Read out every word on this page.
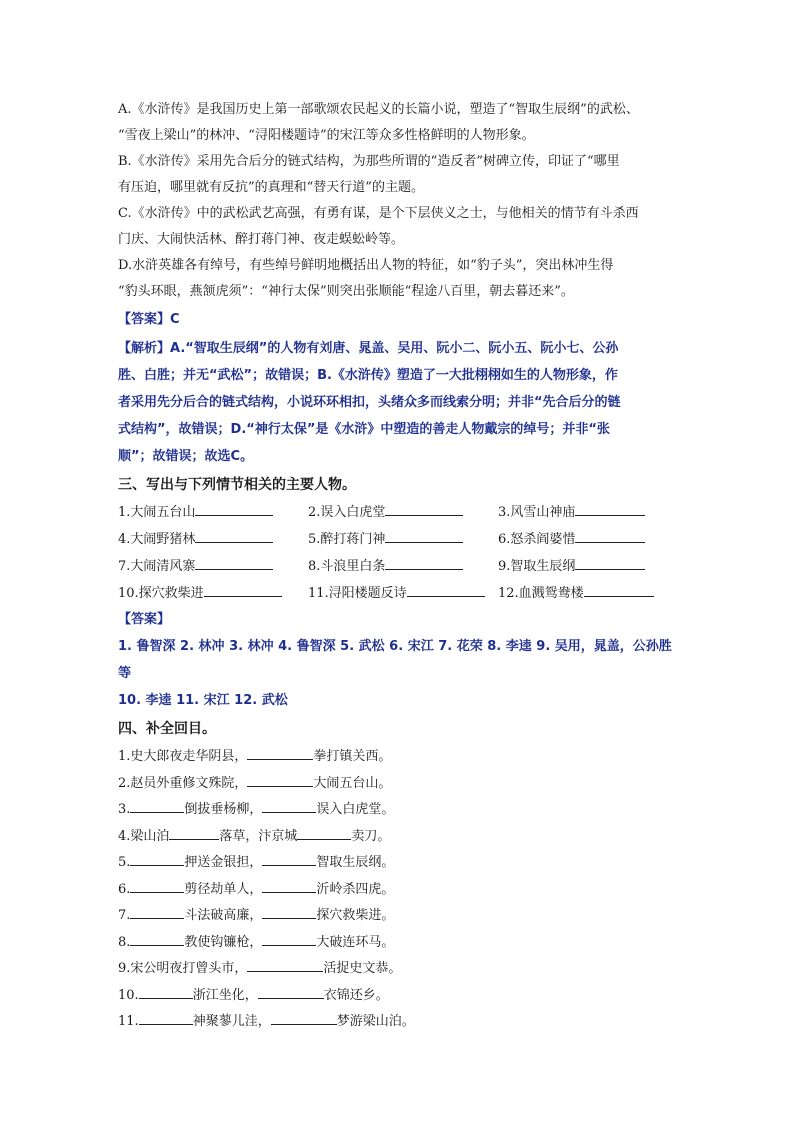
A.《水浒传》是我国历史上第一部歌颂农民起义的长篇小说，塑造了“智取生辰纲”的武松、

“雪夜上梁山”的林冲、“浔阳楼题诗”的宋江等众多性格鲜明的人物形象。

B.《水浒传》采用先合后分的链式结构，为那些所谓的“造反者”树碑立传，印证了“哪里

有压迫，哪里就有反抗”的真理和“替天行道”的主题。

C.《水浒传》中的武松武艺高强，有勇有谋，是个下层侠义之士，与他相关的情节有斗杀西

门庆、大闹快活林、醉打蒋门神、夜走蜈蚣岭等。

D.水浒英雄各有绰号，有些绰号鲜明地概括出人物的特征，如“豹子头”，突出林冲生得

“豹头环眼，燕颔虎须”：“神行太保”则突出张顺能“程途八百里，朝去暮还来”。

【答案】C

【解析】A.“智取生辰纲”的人物有刘唐、晁盖、吴用、阮小二、阮小五、阮小七、公孙
胜、白胜；并无“武松”；故错误；B.《水浒传》塑造了一大批栩栩如生的人物形象，作
者采用先分后合的链式结构，小说环环相扣，头绪众多而线索分明；并非“先合后分的链
式结构”，故错误；D.“神行太保”是《水浒》中塑造的善走人物戴宗的绰号；并非“张
顺”；故错误；故选C。
三、写出与下列情节相关的主要人物。
1.大闹五台山	2.误入白虎堂	3.风雪山神庙
4.大闹野猪林	5.醉打蒋门神	6.怒杀阎婆惜
7.大闹清风寨	8.斗浪里白条	9.智取生辰纲
10.探穴救柴进	11.浔阳楼题反诗	12.血溅鸳鸯楼
【答案】
1. 鲁智深 2. 林冲 3. 林冲 4. 鲁智深 5. 武松 6. 宋江 7. 花荣 8. 李逵 9. 吴用，晁盖，公孙胜等
10. 李逵 11. 宋江 12. 武松
四、补全回目。
1.史大郎夜走华阴县，	拳打镇关西。
2.赵员外重修文殊院，	大闹五台山。
3.	倒拔垂杨柳，	误入白虎堂。
4.梁山泊	落草，汴京城	卖刀。
5.	押送金银担，	智取生辰纲。
6.	剪径劫单人，	沂岭杀四虎。
7.	斗法破高廉，	探穴救柴进。
8.	教使钩镰枪，	大破连环马。
9.宋公明夜打曾头市，	活捉史文恭。
10.	浙江坐化，	衣锦还乡。
11.	神聚蓼儿洼，	梦游梁山泊。
